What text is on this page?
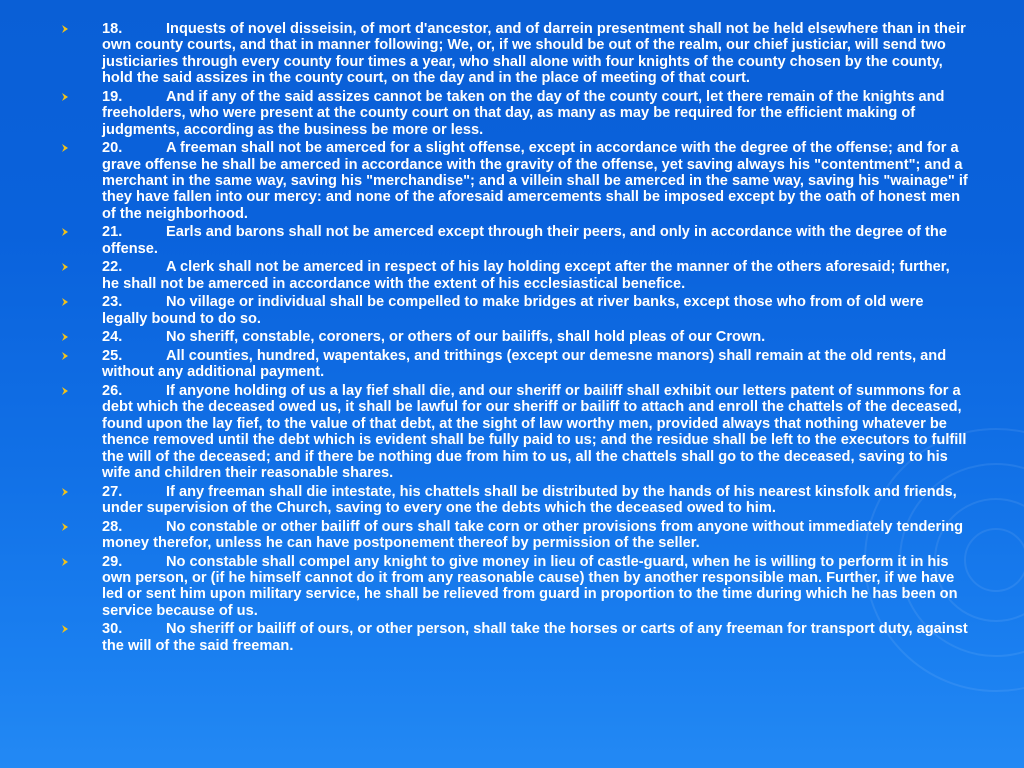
18.	Inquests of novel disseisin, of mort d'ancestor, and of darrein presentment shall not be held elsewhere than in their own county courts, and that in manner following; We, or, if we should be out of the realm, our chief justiciar, will send two justiciaries through every county four times a year, who shall alone with four knights of the county chosen by the county, hold the said assizes in the county court, on the day and in the place of meeting of that court.
19.	And if any of the said assizes cannot be taken on the day of the county court, let there remain of the knights and freeholders, who were present at the county court on that day, as many as may be required for the efficient making of judgments, according as the business be more or less.
20.	A freeman shall not be amerced for a slight offense, except in accordance with the degree of the offense; and for a grave offense he shall be amerced in accordance with the gravity of the offense, yet saving always his "contentment"; and a merchant in the same way, saving his "merchandise"; and a villein shall be amerced in the same way, saving his "wainage" if they have fallen into our mercy: and none of the aforesaid amercements shall be imposed except by the oath of honest men of the neighborhood.
21.	Earls and barons shall not be amerced except through their peers, and only in accordance with the degree of the offense.
22.	A clerk shall not be amerced in respect of his lay holding except after the manner of the others aforesaid; further, he shall not be amerced in accordance with the extent of his ecclesiastical benefice.
23.	No village or individual shall be compelled to make bridges at river banks, except those who from of old were legally bound to do so.
24.	No sheriff, constable, coroners, or others of our bailiffs, shall hold pleas of our Crown.
25.	All counties, hundred, wapentakes, and trithings (except our demesne manors) shall remain at the old rents, and without any additional payment.
26.	If anyone holding of us a lay fief shall die, and our sheriff or bailiff shall exhibit our letters patent of summons for a debt which the deceased owed us, it shall be lawful for our sheriff or bailiff to attach and enroll the chattels of the deceased, found upon the lay fief, to the value of that debt, at the sight of law worthy men, provided always that nothing whatever be thence removed until the debt which is evident shall be fully paid to us; and the residue shall be left to the executors to fulfill the will of the deceased; and if there be nothing due from him to us, all the chattels shall go to the deceased, saving to his wife and children their reasonable shares.
27.	If any freeman shall die intestate, his chattels shall be distributed by the hands of his nearest kinsfolk and friends, under supervision of the Church, saving to every one the debts which the deceased owed to him.
28.	No constable or other bailiff of ours shall take corn or other provisions from anyone without immediately tendering money therefor, unless he can have postponement thereof by permission of the seller.
29.	No constable shall compel any knight to give money in lieu of castle-guard, when he is willing to perform it in his own person, or (if he himself cannot do it from any reasonable cause) then by another responsible man. Further, if we have led or sent him upon military service, he shall be relieved from guard in proportion to the time during which he has been on service because of us.
30.	No sheriff or bailiff of ours, or other person, shall take the horses or carts of any freeman for transport duty, against the will of the said freeman.
